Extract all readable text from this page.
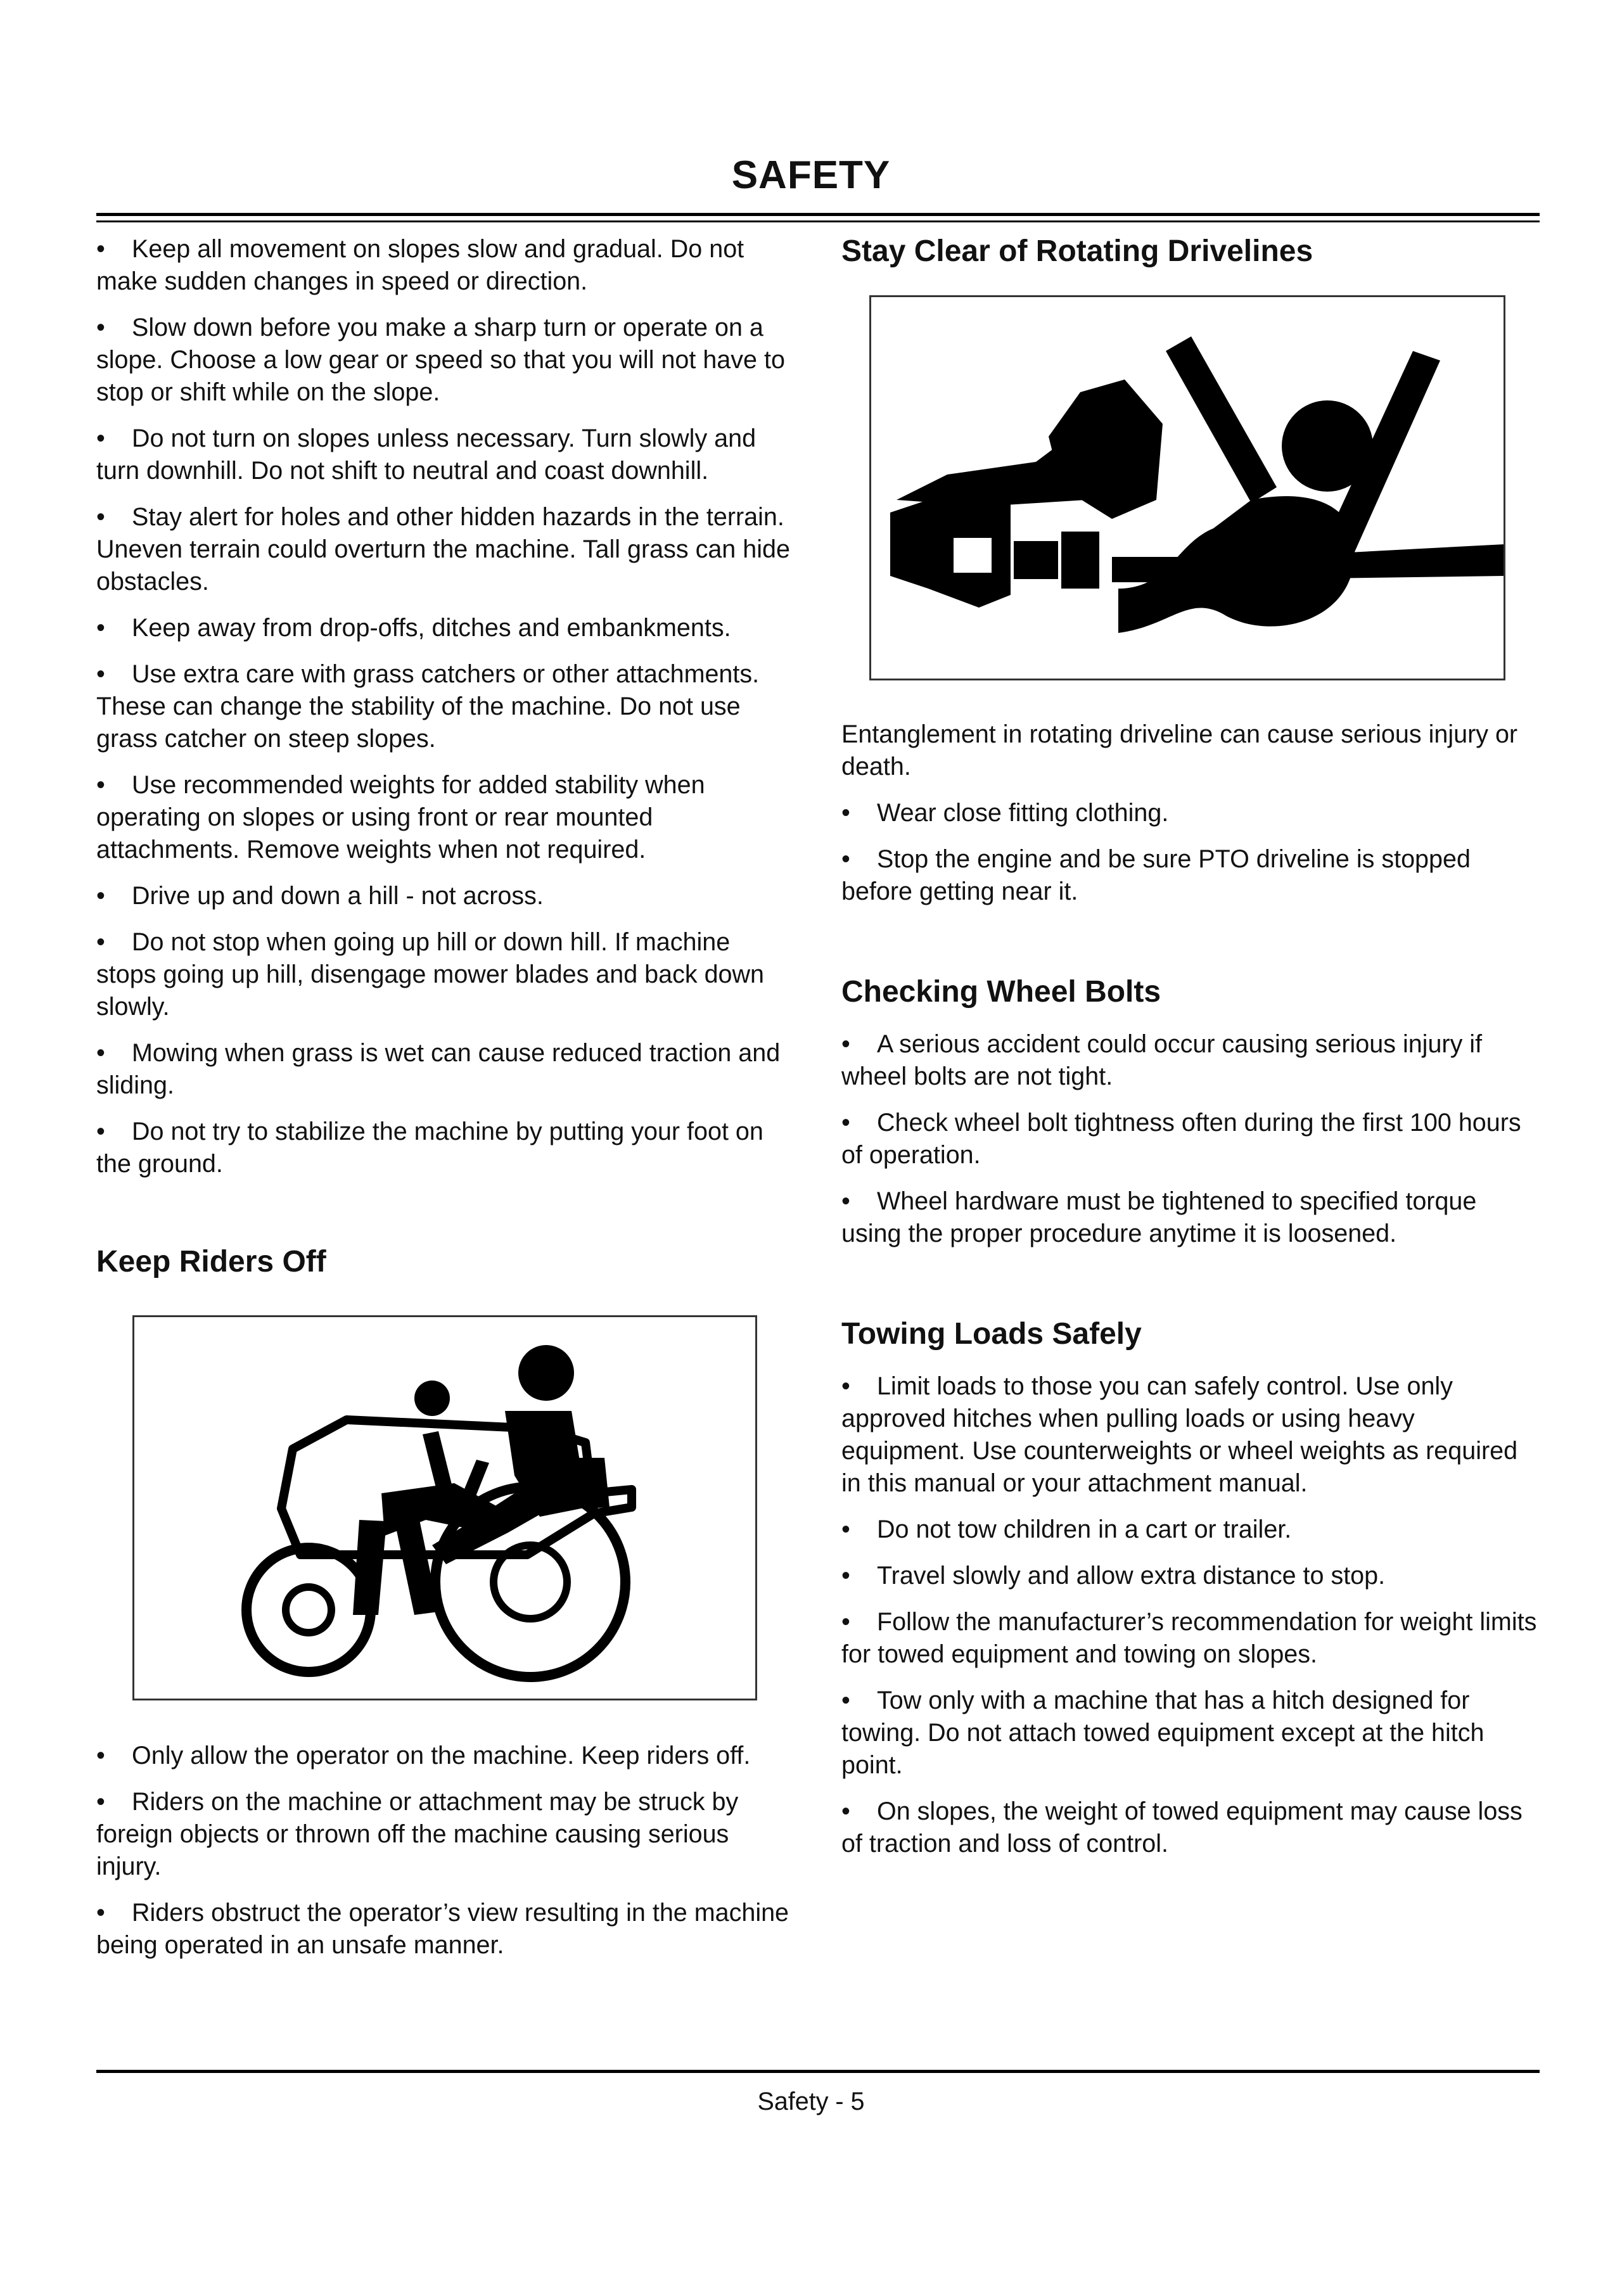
SAFETY

• Keep all movement on slopes slow and gradual. Do not make sudden changes in speed or direction.

• Slow down before you make a sharp turn or operate on a slope. Choose a low gear or speed so that you will not have to stop or shift while on the slope.

• Do not turn on slopes unless necessary. Turn slowly and turn downhill. Do not shift to neutral and coast downhill.

• Stay alert for holes and other hidden hazards in the terrain. Uneven terrain could overturn the machine. Tall grass can hide obstacles.

• Keep away from drop-offs, ditches and embankments.

• Use extra care with grass catchers or other attachments. These can change the stability of the machine. Do not use grass catcher on steep slopes.

• Use recommended weights for added stability when operating on slopes or using front or rear mounted attachments. Remove weights when not required.

• Drive up and down a hill - not across.

• Do not stop when going up hill or down hill. If machine stops going up hill, disengage mower blades and back down slowly.

• Mowing when grass is wet can cause reduced traction and sliding.

• Do not try to stabilize the machine by putting your foot on the ground.

Keep Riders Off

• Only allow the operator on the machine. Keep riders off.

• Riders on the machine or attachment may be struck by foreign objects or thrown off the machine causing serious injury.

• Riders obstruct the operator’s view resulting in the machine being operated in an unsafe manner.

Stay Clear of Rotating Drivelines

Entanglement in rotating driveline can cause serious injury or death.

• Wear close fitting clothing.

• Stop the engine and be sure PTO driveline is stopped before getting near it.

Checking Wheel Bolts

• A serious accident could occur causing serious injury if wheel bolts are not tight.

• Check wheel bolt tightness often during the first 100 hours of operation.

• Wheel hardware must be tightened to specified torque using the proper procedure anytime it is loosened.

Towing Loads Safely

• Limit loads to those you can safely control. Use only approved hitches when pulling loads or using heavy equipment. Use counterweights or wheel weights as required in this manual or your attachment manual.

• Do not tow children in a cart or trailer.

• Travel slowly and allow extra distance to stop.

• Follow the manufacturer’s recommendation for weight limits for towed equipment and towing on slopes.

• Tow only with a machine that has a hitch designed for towing. Do not attach towed equipment except at the hitch point.

• On slopes, the weight of towed equipment may cause loss of traction and loss of control.

Safety - 5
